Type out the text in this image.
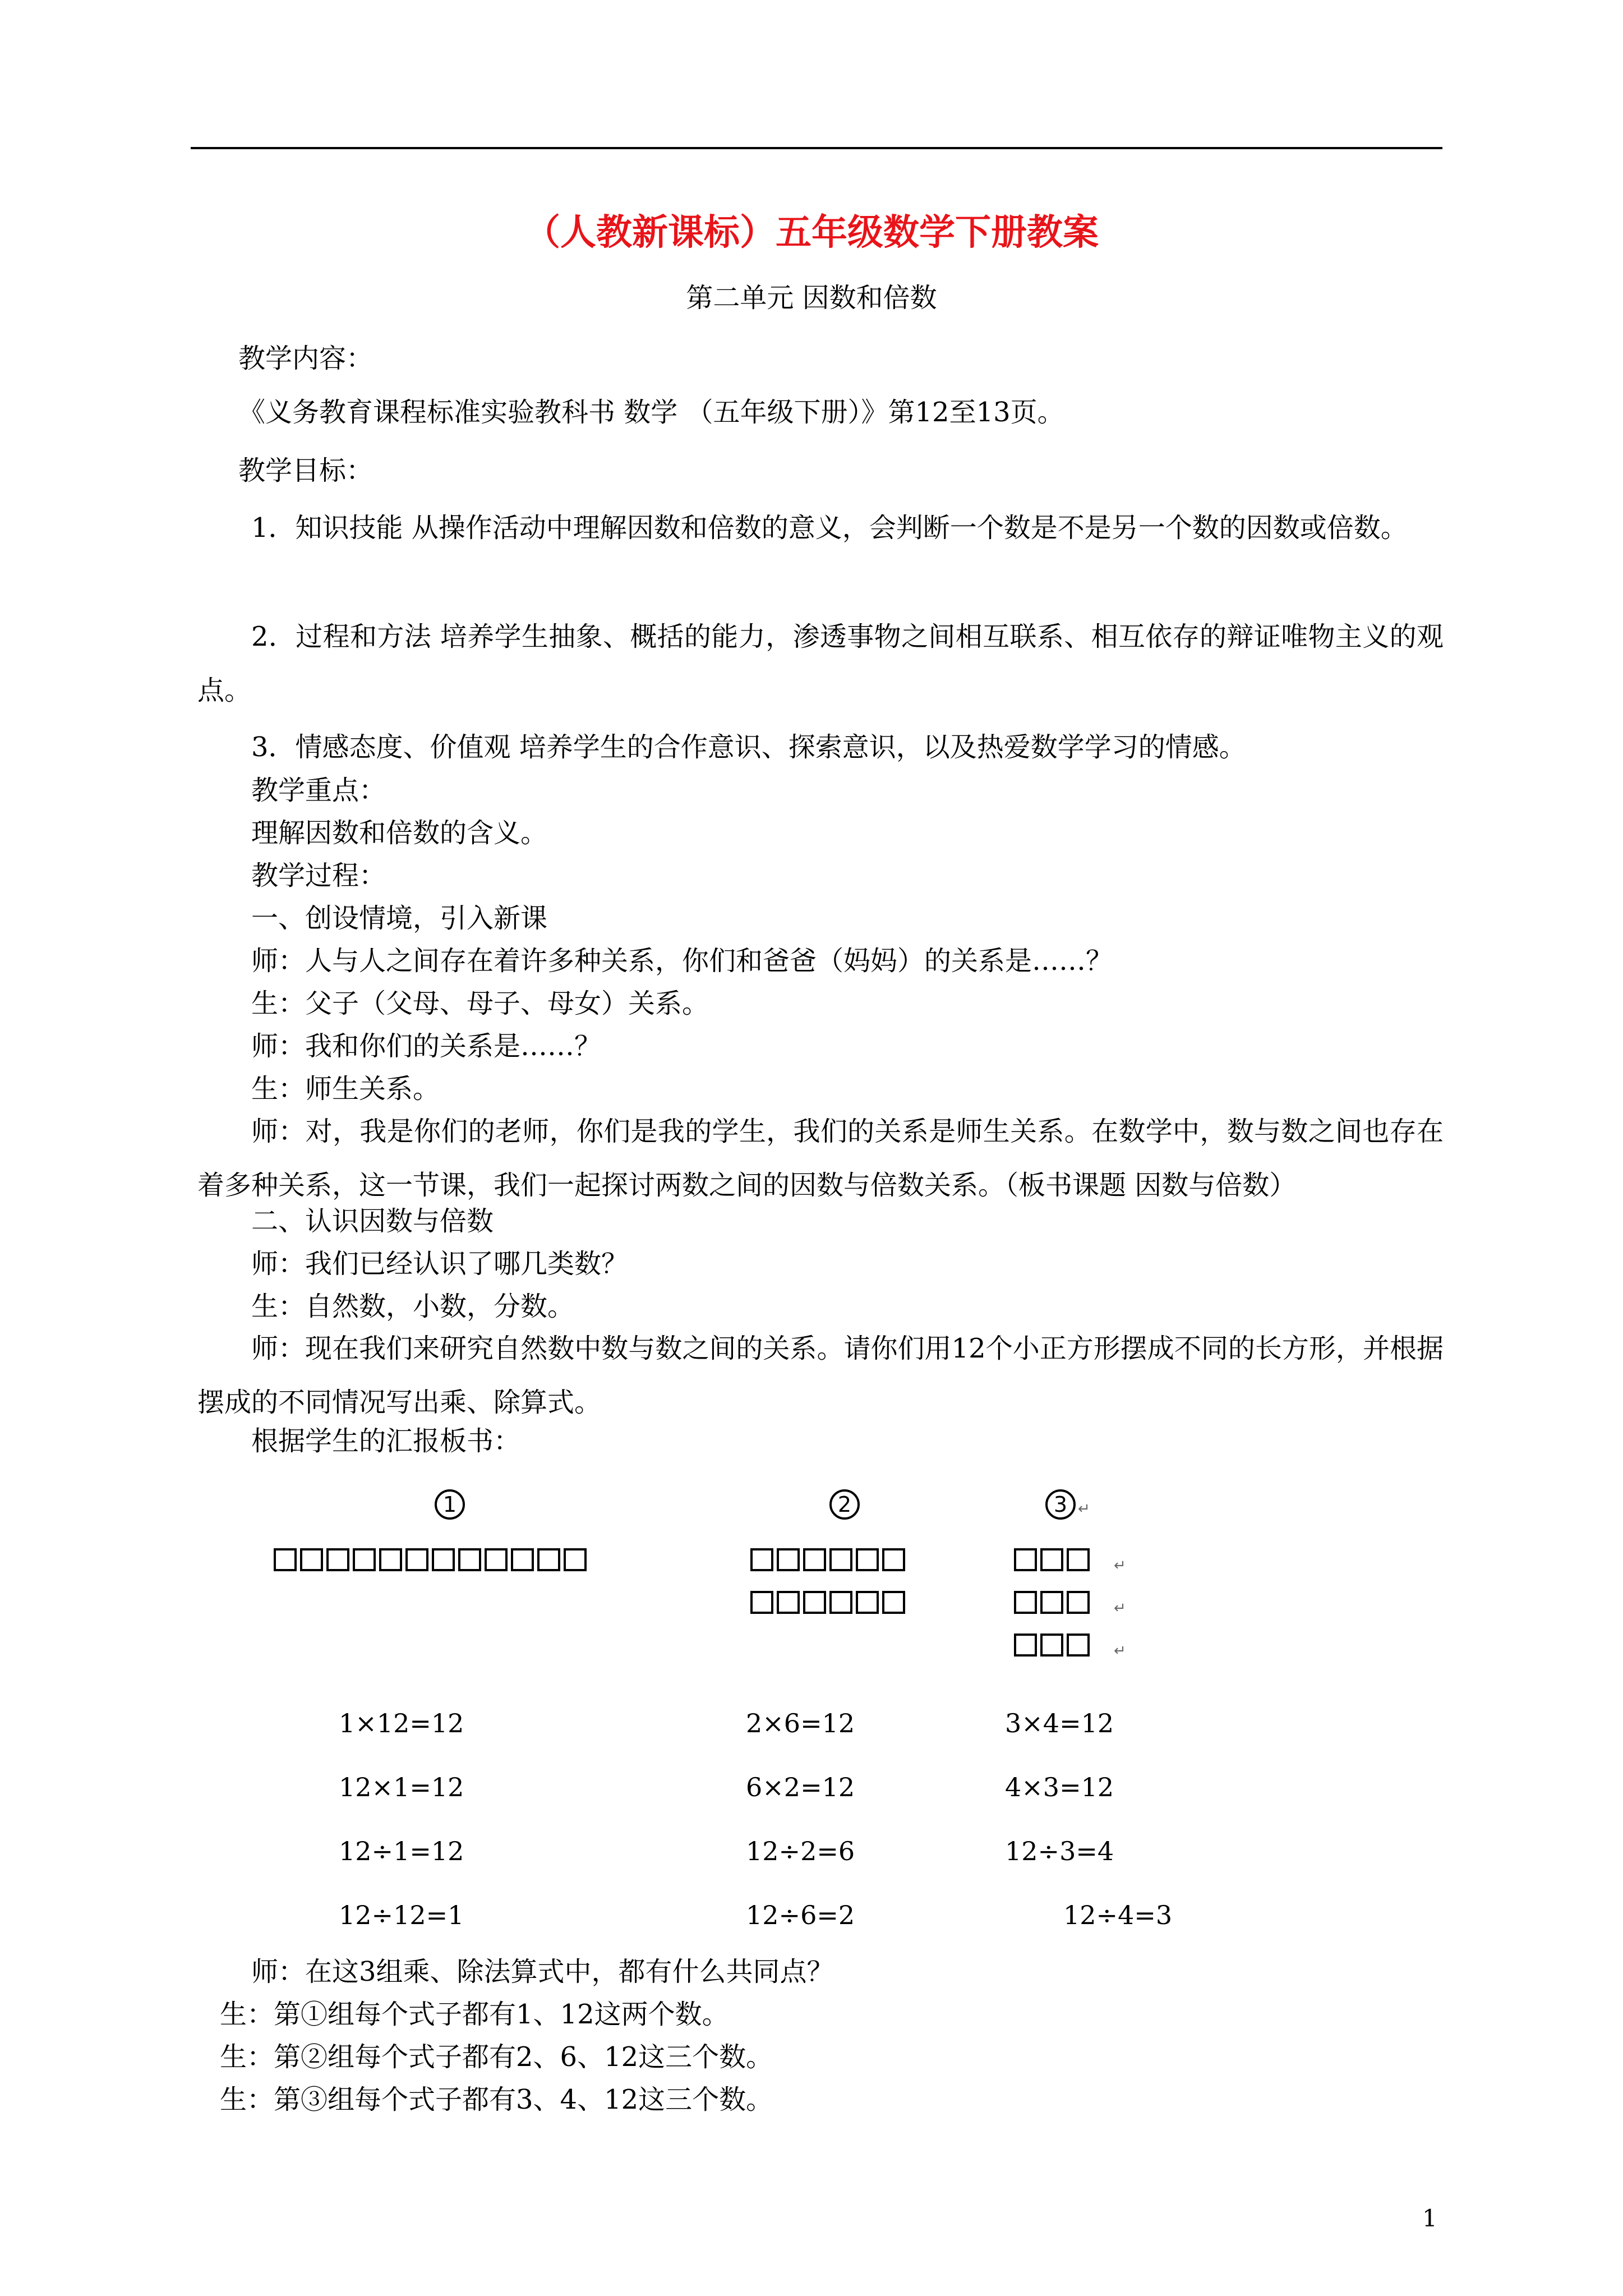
（人教新课标）五年级数学下册教案
第二单元 因数和倍数
教学内容：
《义务教育课程标准实验教科书 数学 （五年级下册）》第12至13页。
教学目标：
1．知识技能 从操作活动中理解因数和倍数的意义，会判断一个数是不是另一个数的因数或倍数。
2．过程和方法 培养学生抽象、概括的能力，渗透事物之间相互联系、相互依存的辩证唯物主义的观点。
3．情感态度、价值观 培养学生的合作意识、探索意识，以及热爱数学学习的情感。
教学重点：
理解因数和倍数的含义。
教学过程：
一、创设情境，引入新课
师：人与人之间存在着许多种关系，你们和爸爸（妈妈）的关系是……？
生：父子（父母、母子、母女）关系。
师：我和你们的关系是……？
生：师生关系。
师：对，我是你们的老师，你们是我的学生，我们的关系是师生关系。在数学中，数与数之间也存在着多种关系，这一节课，我们一起探讨两数之间的因数与倍数关系。（板书课题 因数与倍数）
二、认识因数与倍数
师：我们已经认识了哪几类数？
生：自然数，小数，分数。
师：现在我们来研究自然数中数与数之间的关系。请你们用12个小正方形摆成不同的长方形，并根据摆成的不同情况写出乘、除算式。
根据学生的汇报板书：
1	2	3 ↵
↵
↵
↵
1×12=12
12×1=12
12÷1=12
12÷12=1
2×6=12
6×2=12
12÷2=6
12÷6=2
3×4=12
4×3=12
12÷3=4
12÷4=3
师：在这3组乘、除法算式中，都有什么共同点？
生：第①组每个式子都有1、12这两个数。
生：第②组每个式子都有2、6、12这三个数。
生：第③组每个式子都有3、4、12这三个数。
1
